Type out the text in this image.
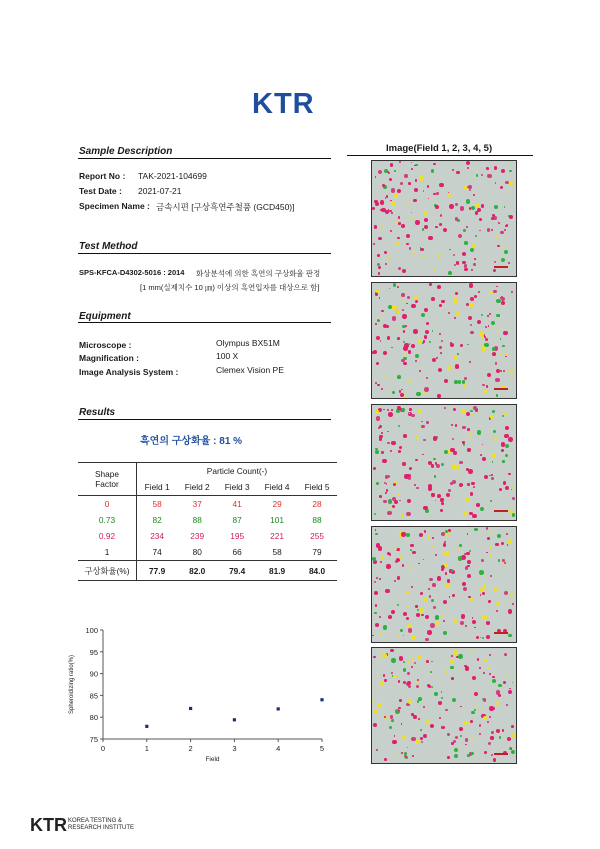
KTR
Sample Description
Report No : TAK-2021-104699
Test Date : 2021-07-21
Specimen Name : 금속시편 [구상흑연주철품 (GCD450)]
Test Method
SPS-KFCA-D4302-5016 : 2014 화상분석에 의한 흑연의 구상화율 판정
[1 mm(실제치수 10 ㎛) 이상의 흑연입자를 대상으로 함]
Equipment
Microscope :	Olympus BX51M
Magnification :	100 X
Image Analysis System :	Clemex Vision PE
Results
흑연의 구상화율 : 81 %
Shape
Factor	Particle Count(-)				
	Field 1	Field 2	Field 3	Field 4	Field 5
0	58	37	41	29	28
0.73	82	88	87	101	88
0.92	234	239	195	221	255
1	74	80	66	58	79
구상화율(%)	77.9	82.0	79.4	81.9	84.0
75
80
85
90
95
100
0	1	2	3	4	5
Field
Spheroidizing ratio(%)
Image(Field 1, 2, 3, 4, 5)
KTR KOREA TESTING &
RESEARCH INSTITUTE
